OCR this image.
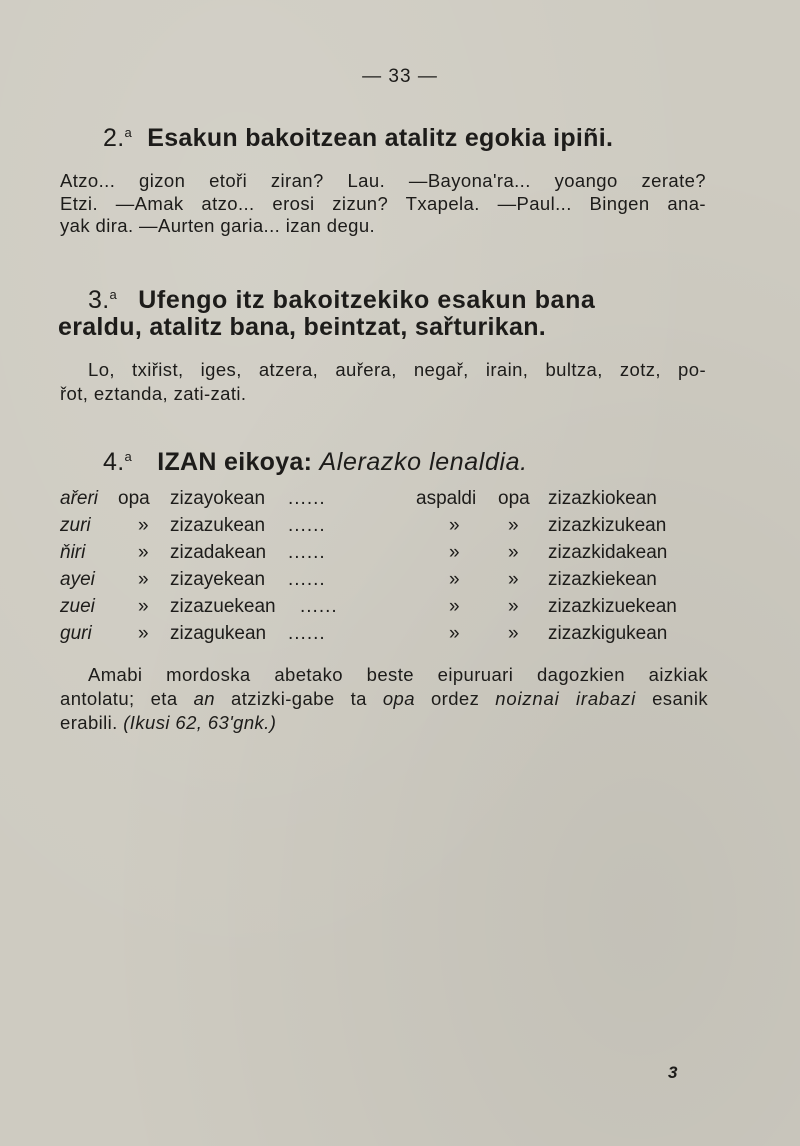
— 33 —
2.$^a$ Esakun bakoitzean atalitz egokia ipiñi.
Atzo... gizon etoři ziran? Lau. —Bayona'ra... yoango zerate?
Etzi. —Amak atzo... erosi zizun? Txapela. —Paul... Bingen ana-
yak dira. —Aurten garia... izan degu.
3.$^a$ Ufengo itz bakoitzekiko esakun bana
eraldu, atalitz bana, beintzat, sařturikan.
Lo, txiřist, iges, atzera, auřera, negař, irain, bultza, zotz, po-
řot, eztanda, zati-zati.
4.$^a$ IZAN eikoya: Alerazko lenaldia.
ařeri opa zizayokean ......	aspaldi opa zizazkiokean
zuri » zizazukean ......	»	» zizazkizukean
ňiri	» zizadakean ......	»	» zizazkidakean
ayei » zizayekean ......	»	» zizazkiekean
zuei » zizazuekean ......	»	» zizazkizuekean
guri » zizagukean ......	»	» zizazkigukean
Amabi mordoska abetako beste eipuruari dagozkien aizkiak
antolatu; eta an atzizki-gabe ta opa ordez noiznai irabazi esanik
erabili. (Ikusi 62, 63'gnk.)
3
